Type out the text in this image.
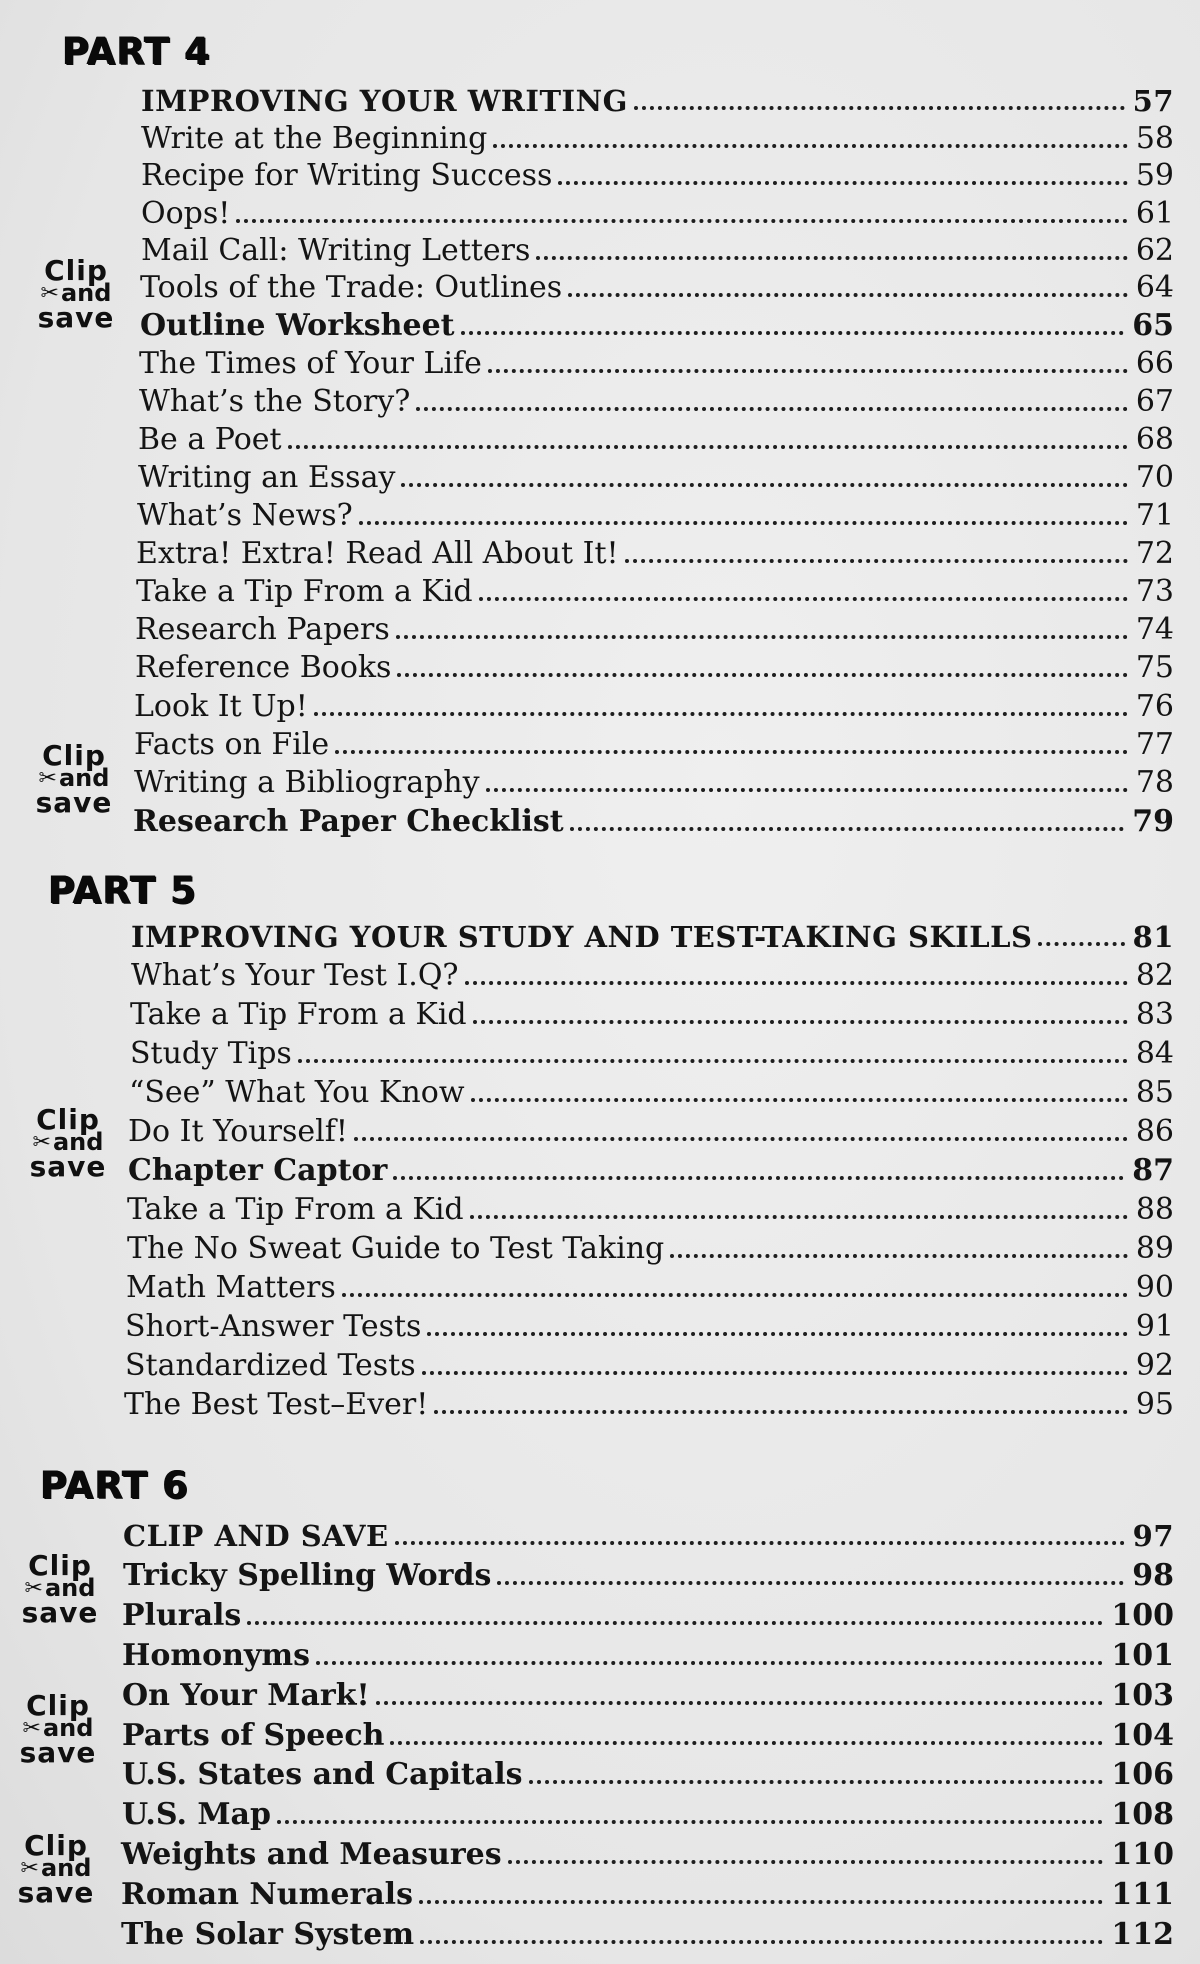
PART 4
IMPROVING YOUR WRITING	57
Write at the Beginning	58
Recipe for Writing Success	59
Oops!	61
Mail Call: Writing Letters	62
Tools of the Trade: Outlines	64
Outline Worksheet	65
The Times of Your Life	66
What’s the Story?	67
Be a Poet	68
Writing an Essay	70
What’s News?	71
Extra! Extra! Read All About It!	72
Take a Tip From a Kid	73
Research Papers	74
Reference Books	75
Look It Up!	76
Facts on File	77
Writing a Bibliography	78
Research Paper Checklist	79
PART 5
IMPROVING YOUR STUDY AND TEST-TAKING SKILLS	81
What’s Your Test I.Q?	82
Take a Tip From a Kid	83
Study Tips	84
“See” What You Know	85
Do It Yourself!	86
Chapter Captor	87
Take a Tip From a Kid	88
The No Sweat Guide to Test Taking	89
Math Matters	90
Short-Answer Tests	91
Standardized Tests	92
The Best Test–Ever!	95
PART 6
CLIP AND SAVE	97
Tricky Spelling Words	98
Plurals	100
Homonyms	101
On Your Mark!	103
Parts of Speech	104
U.S. States and Capitals	106
U.S. Map	108
Weights and Measures	110
Roman Numerals	111
The Solar System	112
Clip
✂ and
save
Clip
✂ and
save
Clip
✂ and
save
Clip
✂ and
save
Clip
✂ and
save
Clip
✂ and
save
